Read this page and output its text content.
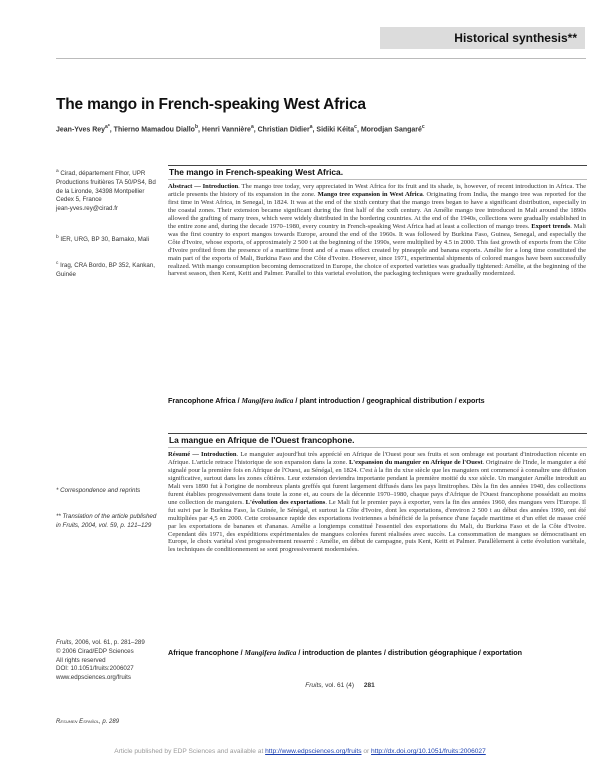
Historical synthesis**
The mango in French-speaking West Africa
Jean-Yves Rey$^{a*}$, Thierno Mamadou Diallo$^b$, Henri Vannière$^a$, Christian Didier$^a$, Sidiki Kéita$^c$, Morodjan Sangaré$^c$
$^a$ Cirad, département Flhor, UPR Productions fruitières TA 50/PS4, Bd de la Lironde, 34398 Montpellier Cedex 5, France
jean-yves.rey@cirad.fr
$^b$ IER, URG, BP 30, Bamako, Mali
$^c$ Irag, CRA Bordo, BP 352, Kankan, Guinée
* Correspondence and reprints
** Translation of the article published in Fruits, 2004, vol. 59, p. 121–129
Fruits, 2006, vol. 61, p. 281–289
© 2006 Cirad/EDP Sciences
All rights reserved
DOI: 10.1051/fruits:2006027
www.edpsciences.org/fruits
Resumen Español, p. 289
The mango in French-speaking West Africa.
Abstract — Introduction. The mango tree today, very appreciated in West Africa for its fruit and its shade, is, however, of recent introduction in Africa. The article presents the history of its expansion in the zone. Mango tree expansion in West Africa. Originating from India, the mango tree was reported for the first time in West Africa, in Senegal, in 1824. It was at the end of the xixth century that the mango trees began to have a significant distribution, especially in the coastal zones. Their extension became significant during the first half of the xxth century. An Amélie mango tree introduced in Mali around the 1890s allowed the grafting of many trees, which were widely distributed in the bordering countries. At the end of the 1940s, collections were gradually established in the entire zone and, during the decade 1970–1980, every country in French-speaking West Africa had at least a collection of mango trees. Export trends. Mali was the first country to export mangos towards Europe, around the end of the 1960s. It was followed by Burkina Faso, Guinea, Senegal, and especially the Côte d'Ivoire, whose exports, of approximately 2 500 t at the beginning of the 1990s, were multiplied by 4.5 in 2000. This fast growth of exports from the Côte d'Ivoire profited from the presence of a maritime front and of a mass effect created by pineapple and banana exports. Amélie for a long time constituted the main part of the exports of Mali, Burkina Faso and the Côte d'Ivoire. However, since 1971, experimental shipments of colored mangos have been successfully realized. With mango consumption becoming democratized in Europe, the choice of exported varieties was gradually tightened: Amélie, at the beginning of the harvest season, then Kent, Keitt and Palmer. Parallel to this varietal evolution, the packaging techniques were gradually modernized.
Francophone Africa / Mangifera indica / plant introduction / geographical distribution / exports
La mangue en Afrique de l'Ouest francophone.
Résumé — Introduction. Le manguier aujourd'hui très apprécié en Afrique de l'Ouest pour ses fruits et son ombrage est pourtant d'introduction récente en Afrique. L'article retrace l'historique de son expansion dans la zone. L'expansion du manguier en Afrique de l'Ouest. Originaire de l'Inde, le manguier a été signalé pour la première fois en Afrique de l'Ouest, au Sénégal, en 1824. C'est à la fin du xixe siècle que les manguiers ont commencé à connaître une diffusion significative, surtout dans les zones côtières. Leur extension deviendra importante pendant la première moitié du xxe siècle. Un manguier Amélie introduit au Mali vers 1890 fut à l'origine de nombreux plants greffés qui furent largement diffusés dans les pays limitrophes. Dès la fin des années 1940, des collections furent établies progressivement dans toute la zone et, au cours de la décennie 1970–1980, chaque pays d'Afrique de l'Ouest francophone possédait au moins une collection de manguiers. L'évolution des exportations. Le Mali fut le premier pays à exporter, vers la fin des années 1960, des mangues vers l'Europe. Il fut suivi par le Burkina Faso, la Guinée, le Sénégal, et surtout la Côte d'Ivoire, dont les exportations, d'environ 2 500 t au début des années 1990, ont été multipliées par 4,5 en 2000. Cette croissance rapide des exportations ivoiriennes a bénéficié de la présence d'une façade maritime et d'un effet de masse créé par les exportations de bananes et d'ananas. Amélie a longtemps constitué l'essentiel des exportations du Mali, du Burkina Faso et de la Côte d'Ivoire. Cependant dès 1971, des expéditions expérimentales de mangues colorées furent réalisées avec succès. La consommation de mangues se démocratisant en Europe, le choix variétal s'est progressivement resserré : Amélie, en début de campagne, puis Kent, Keitt et Palmer. Parallèlement à cette évolution variétale, les techniques de conditionnement se sont progressivement modernisées.
Afrique francophone / Mangifera indica / introduction de plantes / distribution géographique / exportation
Fruits, vol. 61 (4) 281
Article published by EDP Sciences and available at http://www.edpsciences.org/fruits or http://dx.doi.org/10.1051/fruits:2006027
